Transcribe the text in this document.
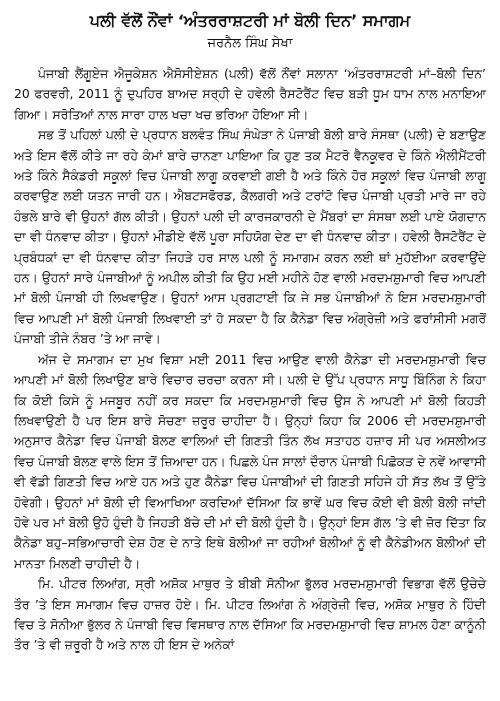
ਪਲੀ ਵੱਲੋਂ ਨੌਂਵਾਂ ‘ਅੰਤਰਰਾਸ਼ਟਰੀ ਮਾਂ ਬੋਲੀ ਦਿਨ’ ਸਮਾਗਮ
ਜਰਨੈਲ ਸਿੰਘ ਸੇਖਾ

ਪੰਜਾਬੀ ਲੈਂਗੂਏਜ ਐਜੂਕੇਸ਼ਨ ਐਸੋਸੀਏਸ਼ਨ (ਪਲੀ) ਵੱਲੋਂ ਨੌਂਵਾਂ ਸਲਾਨਾ ‘ਅੰਤਰਰਾਸ਼ਟਰੀ ਮਾਂ–ਬੋਲੀ ਦਿਨ’ 20 ਫਰਵਰੀ, 2011 ਨੂੰ ਦੁਪਹਿਰ ਬਾਅਦ ਸਰ੍ਹੀ ਦੇ ਹਵੇਲੀ ਰੈਸਟੋਰੈਂਟ ਵਿਚ ਬੜੀ ਧੂਮ ਧਾਮ ਨਾਲ ਮਨਾਇਆ ਗਿਆ। ਸਰੋਤਿਆਂ ਨਾਲ ਸਾਰਾ ਹਾਲ ਖਚਾ ਖਚ ਭਰਿਆ ਹੋਇਆ ਸੀ।

ਸਭ ਤੋਂ ਪਹਿਲਾਂ ਪਲੀ ਦੇ ਪ੍ਰਧਾਨ ਬਲਵੰਤ ਸਿੰਘ ਸੰਘੇੜਾ ਨੇ ਪੰਜਾਬੀ ਬੋਲੀ ਬਾਰੇ ਸੰਸਥਾ (ਪਲੀ) ਦੇ ਬਣਾਉਣ ਅਤੇ ਇਸ ਵੱਲੋਂ ਕੀਤੇ ਜਾ ਰਹੇ ਕੰਮਾਂ ਬਾਰੇ ਚਾਨਣਾ ਪਾਇਆ ਕਿ ਹੁਣ ਤਕ ਮੈਟਰੋ ਵੈਨਕੂਵਰ ਦੇ ਕਿੰਨੇ ਐਲੀਮੈਂਟਰੀ ਅਤੇ ਕਿੰਨੇ ਸੈਕੰਡਰੀ ਸਕੂਲਾਂ ਵਿਚ ਪੰਜਾਬੀ ਲਾਗੂ ਕਰਵਾਈ ਗਈ ਹੈ ਅਤੇ ਕਿੰਨੇ ਹੋਰ ਸਕੂਲਾਂ ਵਿਚ ਪੰਜਾਬੀ ਲਾਗੂ ਕਰਵਾਉਣ ਲਈ ਯਤਨ ਜਾਰੀ ਹਨ। ਐਬਟਸਫੋਰਡ, ਕੈਲਗਰੀ ਅਤੇ ਟਰਾਂਟੋ ਵਿਚ ਪੰਜਾਬੀ ਪ੍ਰਤੀ ਮਾਰੇ ਜਾ ਰਹੇ ਹੰਭਲੇ ਬਾਰੇ ਵੀ ਉਹਨਾਂ ਗੱਲ ਕੀਤੀ। ਉਹਨਾਂ ਪਲੀ ਦੀ ਕਾਰਜਕਾਰਨੀ ਦੇ ਮੈਂਬਰਾਂ ਦਾ ਸੰਸਥਾ ਲਈ ਪਾਏ ਯੋਗਦਾਨ ਦਾ ਵੀ ਧੰਨਵਾਦ ਕੀਤਾ। ਉਹਨਾਂ ਮੀਡੀਏ ਵੱਲੋਂ ਪੂਰਾ ਸਹਿਯੋਗ ਦੇਣ ਦਾ ਵੀ ਧੰਨਵਾਦ ਕੀਤਾ। ਹਵੇਲੀ ਰੈਸਟੋਰੈਂਟ ਦੇ ਪ੍ਰਬੰਧਕਾਂ ਦਾ ਵੀ ਧੰਨਵਾਦ ਕੀਤਾ ਜਿਹੜੇ ਹਰ ਸਾਲ ਪਲੀ ਨੂੰ ਸਮਾਗਮ ਕਰਨ ਲਈ ਥਾਂ ਮੁਹੱਈਆ ਕਰਵਾਉਂਦੇ ਹਨ। ਉਹਨਾਂ ਸਾਰੇ ਪੰਜਾਬੀਆਂ ਨੂੰ ਅਪੀਲ ਕੀਤੀ ਕਿ ਉਹ ਮਈ ਮਹੀਨੇ ਹੋਣ ਵਾਲੀ ਮਰਦਮਸ਼ੁਮਾਰੀ ਵਿਚ ਆਪਣੀ ਮਾਂ ਬੋਲੀ ਪੰਜਾਬੀ ਹੀ ਲਿਖਵਾਉਣ। ਉਹਨਾਂ ਆਸ ਪ੍ਰਗਟਾਈ ਕਿ ਜੇ ਸਭ ਪੰਜਾਬੀਆਂ ਨੇ ਇਸ ਮਰਦਮਸ਼ੁਮਾਰੀ ਵਿਚ ਆਪਣੀ ਮਾਂ ਬੋਲੀ ਪੰਜਾਬੀ ਲਿਖਵਾਈ ਤਾਂ ਹੋ ਸਕਦਾ ਹੈ ਕਿ ਕੈਨੇਡਾ ਵਿਚ ਅੰਗ੍ਰੇਜ਼ੀ ਅਤੇ ਫਰਾਂਸੀਸੀ ਮਗਰੋਂ ਪੰਜਾਬੀ ਤੀਜੇ ਨੰਬਰ ’ਤੇ ਆ ਜਾਵੇ।

ਅੱਜ ਦੇ ਸਮਾਗਮ ਦਾ ਮੁਖ ਵਿਸ਼ਾ ਮਈ 2011 ਵਿਚ ਆਉਣ ਵਾਲੀ ਕੈਨੇਡਾ ਦੀ ਮਰਦਮਸ਼ੁਮਾਰੀ ਵਿਚ ਆਪਣੀ ਮਾਂ ਬੋਲੀ ਲਿਖਾਉਣ ਬਾਰੇ ਵਿਚਾਰ ਚਰਚਾ ਕਰਨਾ ਸੀ। ਪਲੀ ਦੇ ਉੱਪ ਪ੍ਰਧਾਨ ਸਾਧੂ ਬਿੰਨਿੰਗ ਨੇ ਕਿਹਾ ਕਿ ਕੋਈ ਕਿਸੇ ਨੂੰ ਮਜਬੂਰ ਨਹੀਂ ਕਰ ਸਕਦਾ ਕਿ ਮਰਦਮਸ਼ੁਮਾਰੀ ਵਿਚ ਉਸ ਨੇ ਆਪਣੀ ਮਾਂ ਬੋਲੀ ਕਿਹੜੀ ਲਿਖਵਾਉਣੀ ਹੈ ਪਰ ਇਸ ਬਾਰੇ ਸੋਚਣਾ ਜ਼ਰੂਰ ਚਾਹੀਦਾ ਹੈ। ਉਨ੍ਹਾਂ ਕਿਹਾ ਕਿ 2006 ਦੀ ਮਰਦਮਸ਼ੁਮਾਰੀ ਅਨੁਸਾਰ ਕੈਨੇਡਾ ਵਿਚ ਪੰਜਾਬੀ ਬੋਲਣ ਵਾਲਿਆਂ ਦੀ ਗਿਣਤੀ ਤਿੰਨ ਲੱਖ ਸਤਾਹਠ ਹਜ਼ਾਰ ਸੀ ਪਰ ਅਸਲੀਅਤ ਵਿਚ ਪੰਜਾਬੀ ਬੋਲਣ ਵਾਲੇ ਇਸ ਤੋਂ ਜ਼ਿਆਦਾ ਹਨ। ਪਿਛਲੇ ਪੰਜ ਸਾਲਾਂ ਦੌਰਾਨ ਪੰਜਾਬੀ ਪਿਛੋਕੜ ਦੇ ਨਵੇਂ ਆਵਾਸੀ ਵੀ ਵੱਡੀ ਗਿਣਤੀ ਵਿਚ ਆਏ ਹਨ ਅਤੇ ਹੁਣ ਕੈਨੇਡਾ ਵਿਚ ਪੰਜਾਬੀਆਂ ਦੀ ਗਿਣਤੀ ਸਹਿਜੇ ਹੀ ਸੱਤ ਲੱਖ ਤੋਂ ਉੱਤੇ ਹੋਵੇਗੀ। ਉਹਨਾਂ ਮਾਂ ਬੋਲੀ ਦੀ ਵਿਆਖਿਆ ਕਰਦਿਆਂ ਦੱਸਿਆ ਕਿ ਭਾਵੇਂ ਘਰ ਵਿਚ ਕੋਈ ਵੀ ਬੋਲੀ ਬੋਲੀ ਜਾਂਦੀ ਹੋਵੇ ਪਰ ਮਾਂ ਬੋਲੀ ਉਹੋ ਹੁੰਦੀ ਹੈ ਜਿਹੜੀ ਬੱਚੇ ਦੀ ਮਾਂ ਦੀ ਬੋਲੀ ਹੁੰਦੀ ਹੈ। ਉਨ੍ਹਾਂ ਇਸ ਗੱਲ ’ਤੇ ਵੀ ਜ਼ੋਰ ਦਿੱਤਾ ਕਿ ਕੈਨੇਡਾ ਬਹੁ–ਸਭਿਆਚਾਰੀ ਦੇਸ਼ ਹੋਣ ਦੇ ਨਾਤੇ ਇਥੇ ਬੋਲੀਆਂ ਜਾ ਰਹੀਆਂ ਬੋਲੀਆਂ ਨੂੰ ਵੀ ਕੈਨੇਡੀਅਨ ਬੋਲੀਆਂ ਦੀ ਮਾਨਤਾ ਮਿਲਣੀ ਚਾਹੀਦੀ ਹੈ।

ਮਿ. ਪੀਟਰ ਲਿਆਂਗ, ਸ੍ਰੀ ਅਸ਼ੋਕ ਮਾਥੁਰ ਤੇ ਬੀਬੀ ਸੋਨੀਆ ਭੁੱਲਰ ਮਰਦਮਸ਼ੁਮਾਰੀ ਵਿਭਾਗ ਵੱਲੋਂ ਉਚੇਚੇ ਤੌਰ ’ਤੇ ਇਸ ਸਮਾਗਮ ਵਿਚ ਹਾਜ਼ਰ ਹੋਏ। ਮਿ. ਪੀਟਰ ਲਿਆਂਗ ਨੇ ਅੰਗ੍ਰੇਜ਼ੀ ਵਿਚ, ਅਸ਼ੋਕ ਮਾਥੁਰ ਨੇ ਹਿੰਦੀ ਵਿਚ ਤੇ ਸੋਨੀਆ ਭੁੱਲਰ ਨੇ ਪੰਜਾਬੀ ਵਿਚ ਵਿਸਥਾਰ ਨਾਲ ਦੱਸਿਆ ਕਿ ਮਰਦਮਸ਼ੁਮਾਰੀ ਵਿਚ ਸ਼ਾਮਲ ਹੋਣਾ ਕਾਨੂੰਨੀ ਤੌਰ ’ਤੇ ਵੀ ਜ਼ਰੂਰੀ ਹੈ ਅਤੇ ਨਾਲ ਹੀ ਇਸ ਦੇ ਅਨੇਕਾਂ
